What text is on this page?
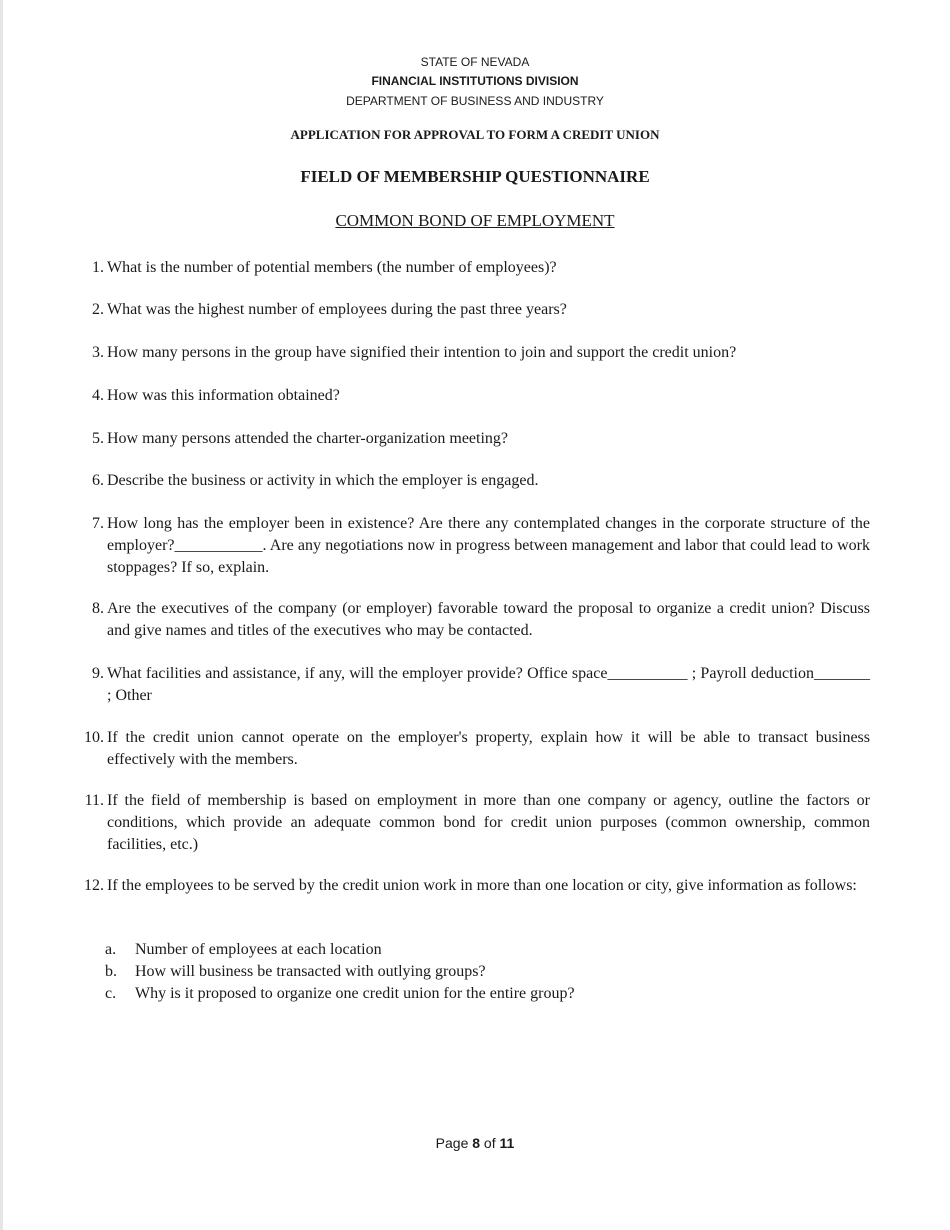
STATE OF NEVADA
FINANCIAL INSTITUTIONS DIVISION
DEPARTMENT OF BUSINESS AND INDUSTRY
APPLICATION FOR APPROVAL TO FORM A CREDIT UNION
FIELD OF MEMBERSHIP QUESTIONNAIRE
COMMON BOND OF EMPLOYMENT
1. What is the number of potential members (the number of employees)?
2. What was the highest number of employees during the past three years?
3. How many persons in the group have signified their intention to join and support the credit union?
4. How was this information obtained?
5. How many persons attended the charter-organization meeting?
6. Describe the business or activity in which the employer is engaged.
7. How long has the employer been in existence? Are there any contemplated changes in the corporate structure of the employer?___________. Are any negotiations now in progress between management and labor that could lead to work stoppages? If so, explain.
8. Are the executives of the company (or employer) favorable toward the proposal to organize a credit union? Discuss and give names and titles of the executives who may be contacted.
9. What facilities and assistance, if any, will the employer provide? Office space__________ ; Payroll deduction_______ ; Other
10. If the credit union cannot operate on the employer's property, explain how it will be able to transact business effectively with the members.
11. If the field of membership is based on employment in more than one company or agency, outline the factors or conditions, which provide an adequate common bond for credit union purposes (common ownership, common facilities, etc.)
12. If the employees to be served by the credit union work in more than one location or city, give information as follows:
a. Number of employees at each location
b. How will business be transacted with outlying groups?
c. Why is it proposed to organize one credit union for the entire group?
Page 8 of 11
